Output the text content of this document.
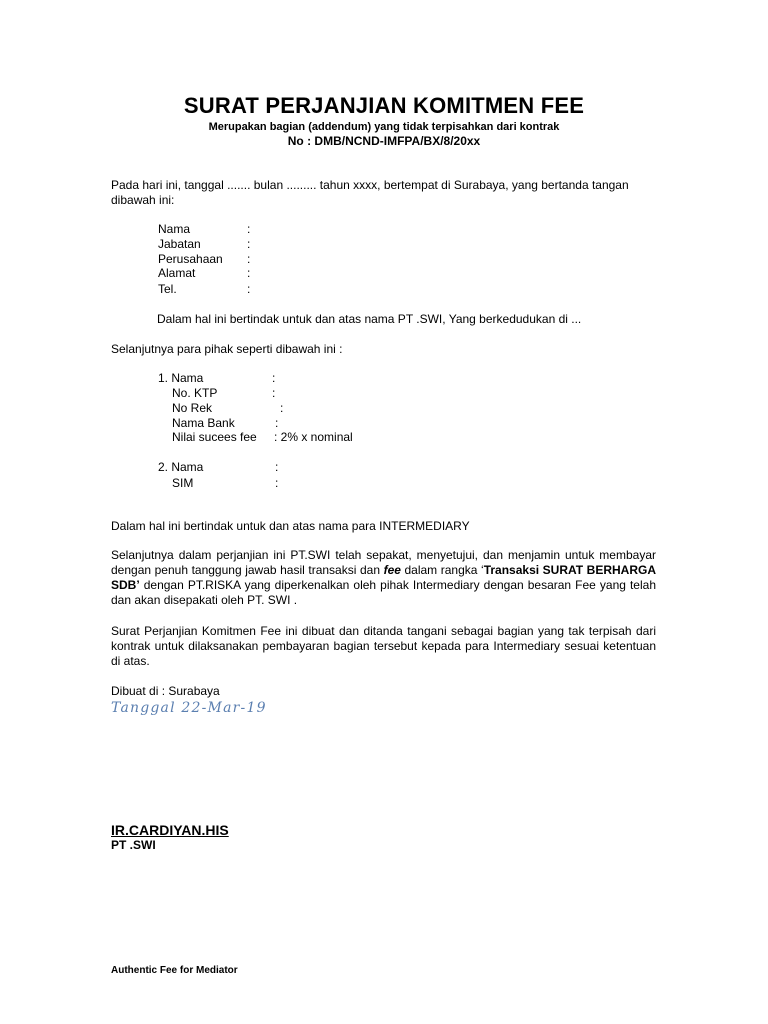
SURAT PERJANJIAN KOMITMEN FEE
Merupakan bagian (addendum) yang tidak terpisahkan dari kontrak
No : DMB/NCND-IMFPA/BX/8/20xx
Pada hari ini, tanggal ....... bulan ......... tahun xxxx, bertempat di Surabaya, yang bertanda tangan dibawah ini:
Nama	:
Jabatan	:
Perusahaan :
Alamat	:
Tel.	:
Dalam hal ini bertindak untuk dan atas nama PT .SWI, Yang berkedudukan di ...
Selanjutnya para pihak seperti dibawah ini :
1. Nama	:
No. KTP	:
No Rek	:
Nama Bank	:
Nilai sucees fee : 2% x nominal
2. Nama	:
SIM	:
Dalam hal ini bertindak untuk dan atas nama para INTERMEDIARY
Selanjutnya dalam perjanjian ini PT.SWI telah sepakat, menyetujui, dan menjamin untuk membayar dengan penuh tanggung jawab hasil transaksi dan fee dalam rangka ‘Transaksi SURAT BERHARGA SDB’ dengan PT.RISKA yang diperkenalkan oleh pihak Intermediary dengan besaran Fee yang telah dan akan disepakati oleh PT. SWI .
Surat Perjanjian Komitmen Fee ini dibuat dan ditanda tangani sebagai bagian yang tak terpisah dari kontrak untuk dilaksanakan pembayaran bagian tersebut kepada para Intermediary sesuai ketentuan di atas.
Dibuat di : Surabaya
Tanggal 22-Mar-19
IR.CARDIYAN.HIS
PT .SWI
Authentic Fee for Mediator
